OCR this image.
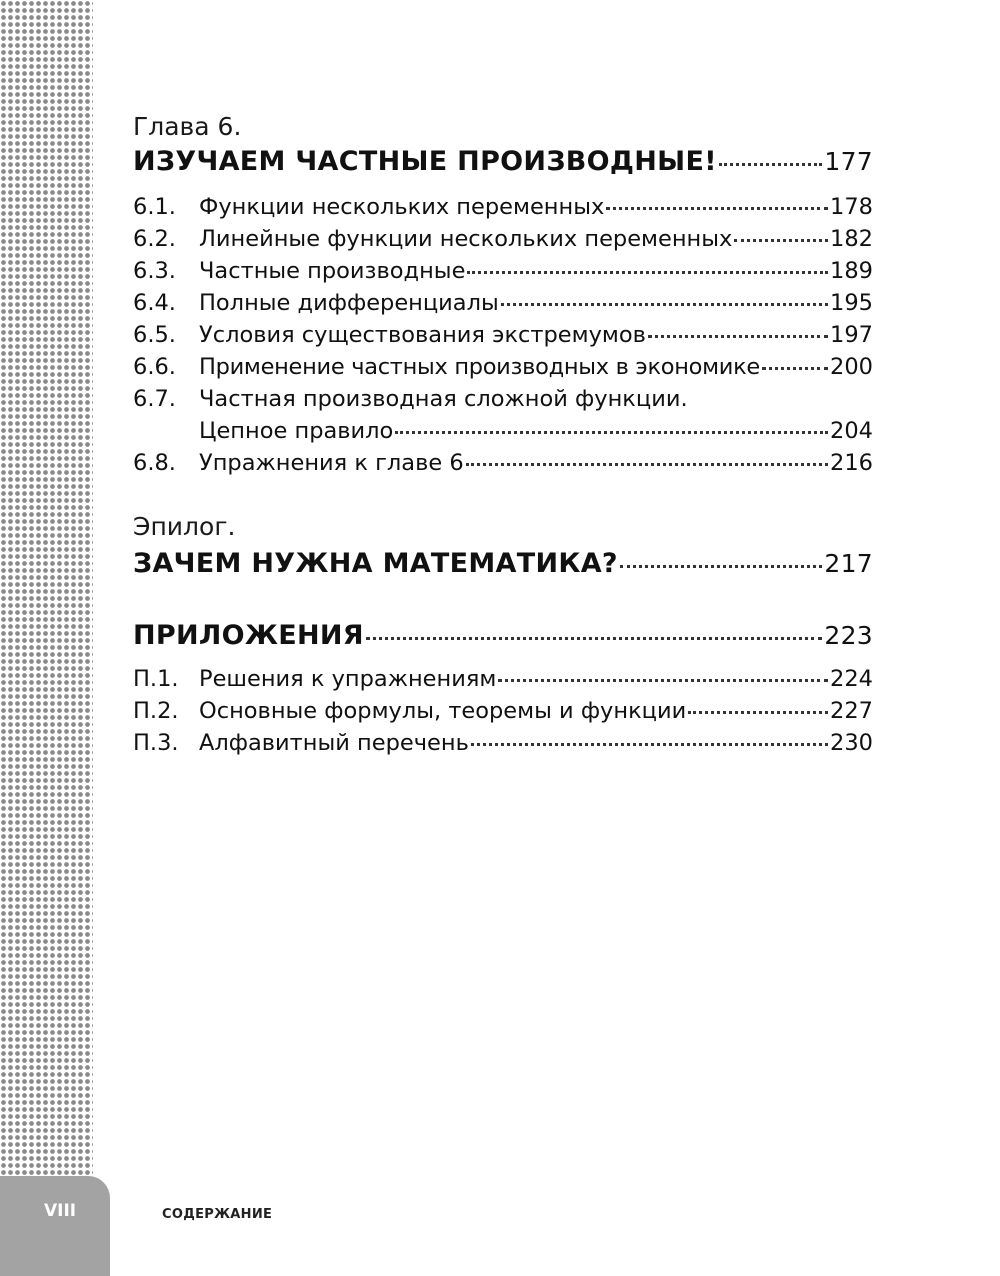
VIII	СОДЕРЖАНИЕ
Глава 6.
ИЗУЧАЕМ ЧАСТНЫЕ ПРОИЗВОДНЫЕ!	177
6.1.	Функции нескольких переменных	178
6.2.	Линейные функции нескольких переменных	182
6.3.	Частные производные	189
6.4.	Полные дифференциалы	195
6.5.	Условия существования экстремумов	197
6.6.	Применение частных производных в экономике	200
6.7.	Частная производная сложной функции.
Цепное правило	204
6.8.	Упражнения к главе 6	216
Эпилог.
ЗАЧЕМ НУЖНА МАТЕМАТИКА?	217
ПРИЛОЖЕНИЯ	223
П.1. Решения к упражнениям	224
П.2. Основные формулы, теоремы и функции	227
П.3. Алфавитный перечень	230
